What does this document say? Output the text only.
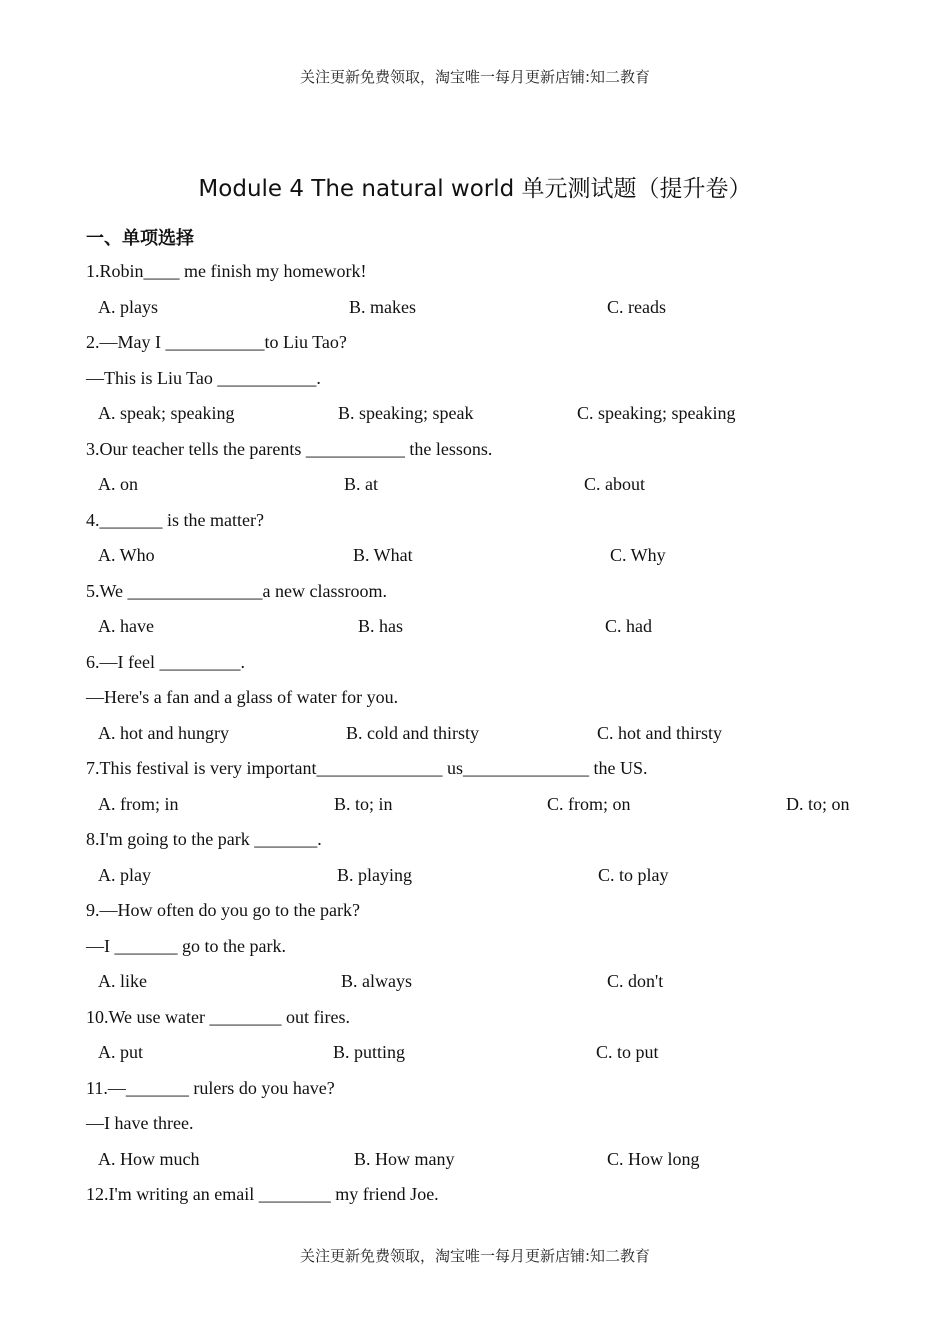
关注更新免费领取，淘宝唯一每月更新店铺:知二教育
Module 4 The natural world 单元测试题（提升卷）
一、单项选择
1.Robin____ me finish my homework!
A. plays	B. makes	C. reads
2.—May I ___________to Liu Tao?
—This is Liu Tao ___________.
A. speak; speaking	B. speaking; speak	C. speaking; speaking
3.Our teacher tells the parents ___________ the lessons.
A. on	B. at	C. about
4._______ is the matter?
A. Who	B. What	C. Why
5.We _______________a new classroom.
A. have	B. has	C. had
6.—I feel _________.
—Here's a fan and a glass of water for you.
A. hot and hungry	B. cold and thirsty	C. hot and thirsty
7.This festival is very important______________ us______________ the US.
A. from; in	B. to; in	C. from; on	D. to; on
8.I'm going to the park _______.
A. play	B. playing	C. to play
9.—How often do you go to the park?
—I _______ go to the park.
A. like	B. always	C. don't
10.We use water ________ out fires.
A. put	B. putting	C. to put
11.—_______ rulers do you have?
—I have three.
A. How much	B. How many	C. How long
12.I'm writing an email ________ my friend Joe.
关注更新免费领取，淘宝唯一每月更新店铺:知二教育
